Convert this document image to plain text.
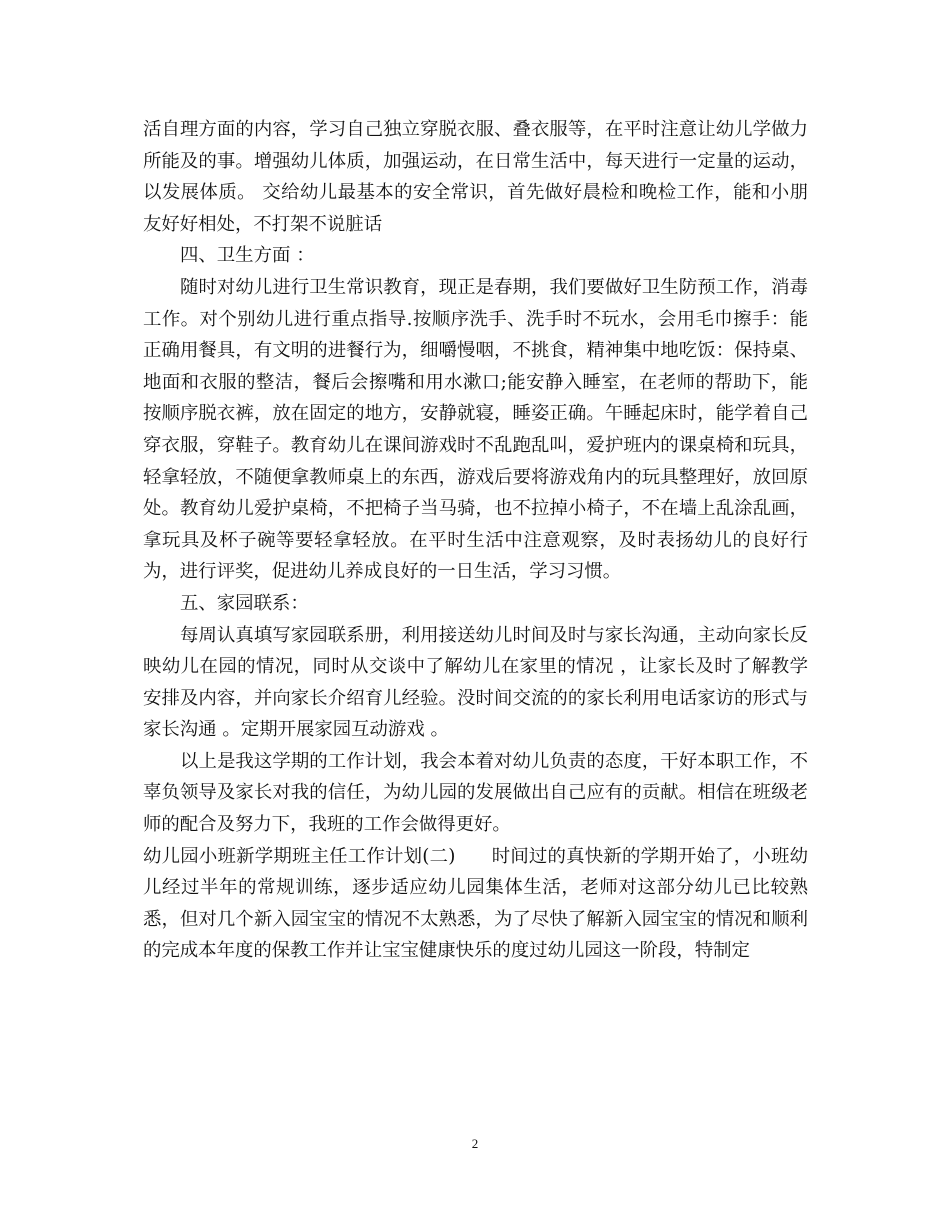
活自理方面的内容，学习自己独立穿脱衣服、叠衣服等，在平时注意让幼儿学做力所能及的事。增强幼儿体质，加强运动，在日常生活中，每天进行一定量的运动，以发展体质。 交给幼儿最基本的安全常识，首先做好晨检和晚检工作，能和小朋友好好相处，不打架不说脏话

四、卫生方面 ：

随时对幼儿进行卫生常识教育，现正是春期，我们要做好卫生防预工作，消毒工作。对个别幼儿进行重点指导.按顺序洗手、洗手时不玩水，会用毛巾擦手：能正确用餐具，有文明的进餐行为，细嚼慢咽，不挑食，精神集中地吃饭：保持桌、地面和衣服的整洁，餐后会擦嘴和用水漱口;能安静入睡室，在老师的帮助下，能按顺序脱衣裤，放在固定的地方，安静就寝，睡姿正确。午睡起床时，能学着自己穿衣服，穿鞋子。教育幼儿在课间游戏时不乱跑乱叫，爱护班内的课桌椅和玩具，轻拿轻放，不随便拿教师桌上的东西，游戏后要将游戏角内的玩具整理好，放回原处。教育幼儿爱护桌椅，不把椅子当马骑，也不拉掉小椅子，不在墙上乱涂乱画，拿玩具及杯子碗等要轻拿轻放。在平时生活中注意观察，及时表扬幼儿的良好行为，进行评奖，促进幼儿养成良好的一日生活，学习习惯。

五、家园联系：

每周认真填写家园联系册，利用接送幼儿时间及时与家长沟通，主动向家长反映幼儿在园的情况，同时从交谈中了解幼儿在家里的情况 ，让家长及时了解教学安排及内容，并向家长介绍育儿经验。没时间交流的的家长利用电话家访的形式与家长沟通 。定期开展家园互动游戏 。

以上是我这学期的工作计划，我会本着对幼儿负责的态度，干好本职工作，不辜负领导及家长对我的信任，为幼儿园的发展做出自己应有的贡献。相信在班级老师的配合及努力下，我班的工作会做得更好。

幼儿园小班新学期班主任工作计划(二) 时间过的真快新的学期开始了，小班幼儿经过半年的常规训练，逐步适应幼儿园集体生活，老师对这部分幼儿已比较熟悉，但对几个新入园宝宝的情况不太熟悉，为了尽快了解新入园宝宝的情况和顺利的完成本年度的保教工作并让宝宝健康快乐的度过幼儿园这一阶段，特制定

2
